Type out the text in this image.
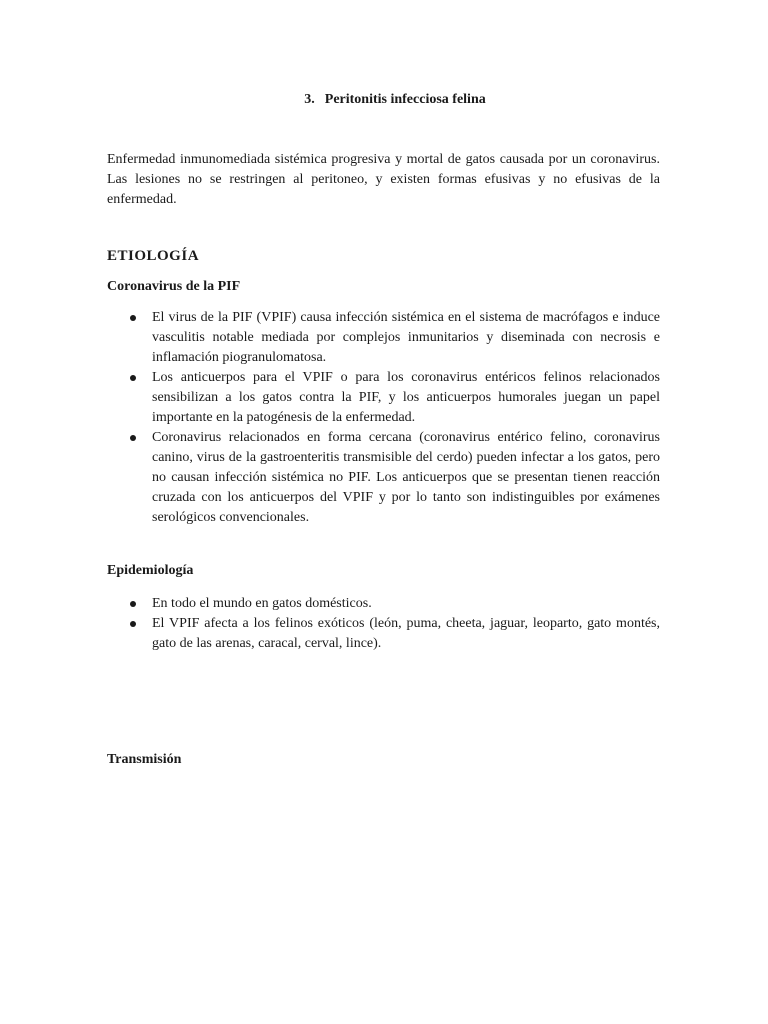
3. Peritonitis infecciosa felina
Enfermedad inmunomediada sistémica progresiva y mortal de gatos causada por un coronavirus. Las lesiones no se restringen al peritoneo, y existen formas efusivas y no efusivas de la enfermedad.
ETIOLOGÍA
Coronavirus de la PIF
El virus de la PIF (VPIF) causa infección sistémica en el sistema de macrófagos e induce vasculitis notable mediada por complejos inmunitarios y diseminada con necrosis e inflamación piogranulomatosa.
Los anticuerpos para el VPIF o para los coronavirus entéricos felinos relacionados sensibilizan a los gatos contra la PIF, y los anticuerpos humorales juegan un papel importante en la patogénesis de la enfermedad.
Coronavirus relacionados en forma cercana (coronavirus entérico felino, coronavirus canino, virus de la gastroenteritis transmisible del cerdo) pueden infectar a los gatos, pero no causan infección sistémica no PIF. Los anticuerpos que se presentan tienen reacción cruzada con los anticuerpos del VPIF y por lo tanto son indistinguibles por exámenes serológicos convencionales.
Epidemiología
En todo el mundo en gatos domésticos.
El VPIF afecta a los felinos exóticos (león, puma, cheeta, jaguar, leoparto, gato montés, gato de las arenas, caracal, cerval, lince).
Transmisión
